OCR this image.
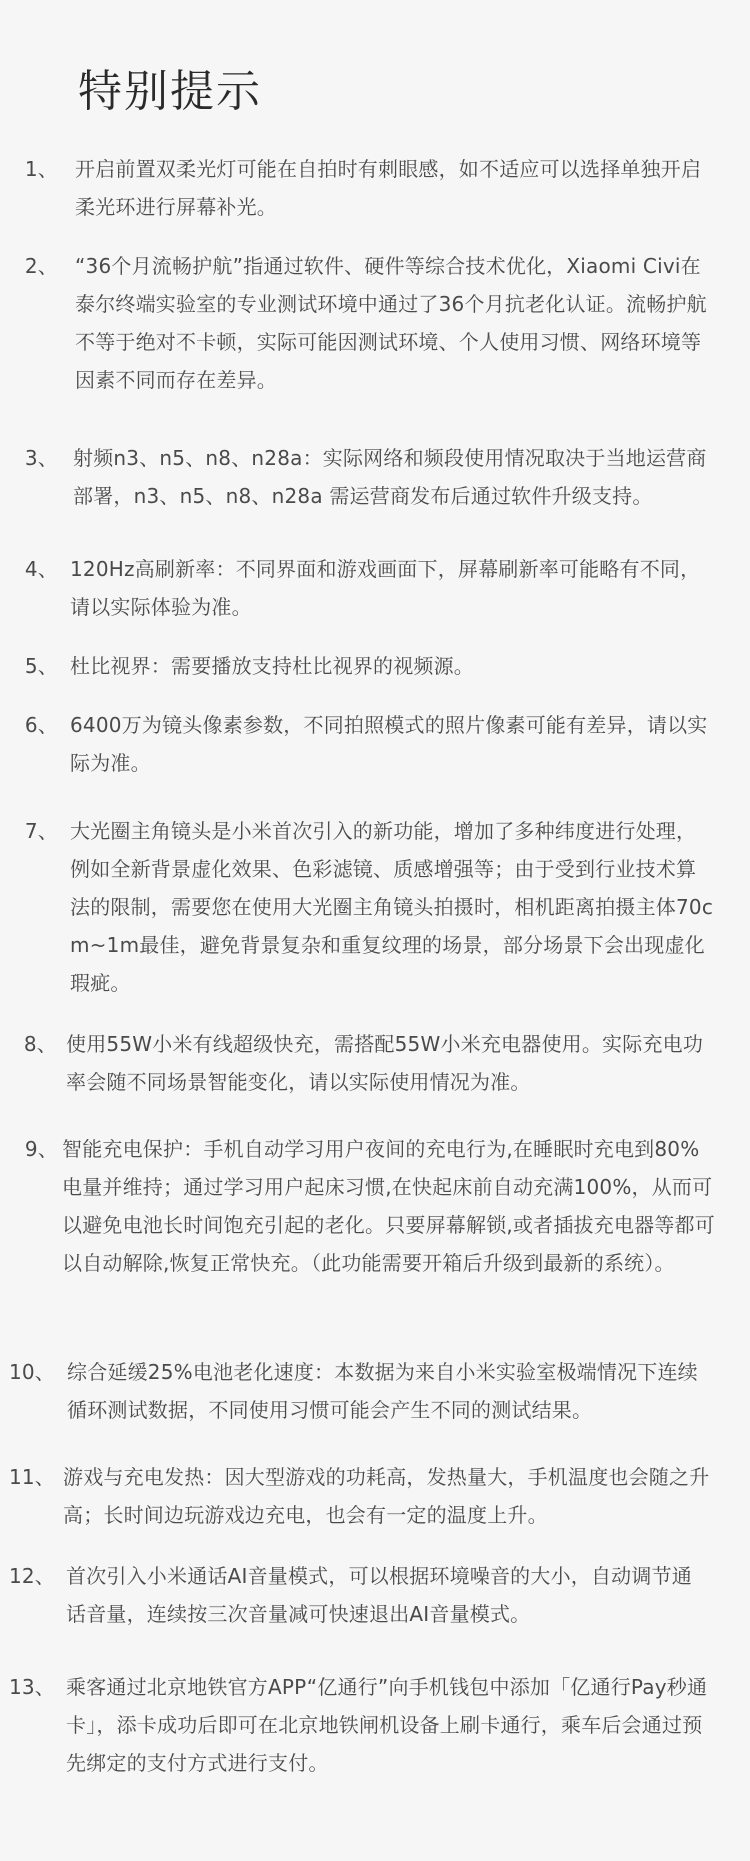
特别提示
1、 开启前置双柔光灯可能在自拍时有刺眼感，如不适应可以选择单独开启柔光环进行屏幕补光。
2、 “36个月流畅护航”指通过软件、硬件等综合技术优化，Xiaomi Civi在泰尔终端实验室的专业测试环境中通过了36个月抗老化认证。流畅护航不等于绝对不卡顿，实际可能因测试环境、个人使用习惯、网络环境等因素不同而存在差异。
3、 射频n3、n5、n8、n28a：实际网络和频段使用情况取决于当地运营商部署，n3、n5、n8、n28a 需运营商发布后通过软件升级支持。
4、 120Hz高刷新率：不同界面和游戏画面下，屏幕刷新率可能略有不同，请以实际体验为准。
5、 杜比视界：需要播放支持杜比视界的视频源。
6、 6400万为镜头像素参数，不同拍照模式的照片像素可能有差异，请以实际为准。
7、 大光圈主角镜头是小米首次引入的新功能，增加了多种纬度进行处理，例如全新背景虚化效果、色彩滤镜、质感增强等；由于受到行业技术算法的限制，需要您在使用大光圈主角镜头拍摄时，相机距离拍摄主体70cm~1m最佳，避免背景复杂和重复纹理的场景，部分场景下会出现虚化瑕疵。
8、 使用55W小米有线超级快充，需搭配55W小米充电器使用。实际充电功率会随不同场景智能变化，请以实际使用情况为准。
9、 智能充电保护：手机自动学习用户夜间的充电行为,在睡眠时充电到80%电量并维持；通过学习用户起床习惯,在快起床前自动充满100%，从而可以避免电池长时间饱充引起的老化。只要屏幕解锁,或者插拔充电器等都可以自动解除,恢复正常快充。（此功能需要开箱后升级到最新的系统）。
10、 综合延缓25%电池老化速度：本数据为来自小米实验室极端情况下连续循环测试数据，不同使用习惯可能会产生不同的测试结果。
11、 游戏与充电发热：因大型游戏的功耗高，发热量大，手机温度也会随之升高；长时间边玩游戏边充电，也会有一定的温度上升。
12、 首次引入小米通话AI音量模式，可以根据环境噪音的大小，自动调节通话音量，连续按三次音量减可快速退出AI音量模式。
13、 乘客通过北京地铁官方APP“亿通行”向手机钱包中添加「亿通行Pay秒通卡」，添卡成功后即可在北京地铁闸机设备上刷卡通行，乘车后会通过预先绑定的支付方式进行支付。
